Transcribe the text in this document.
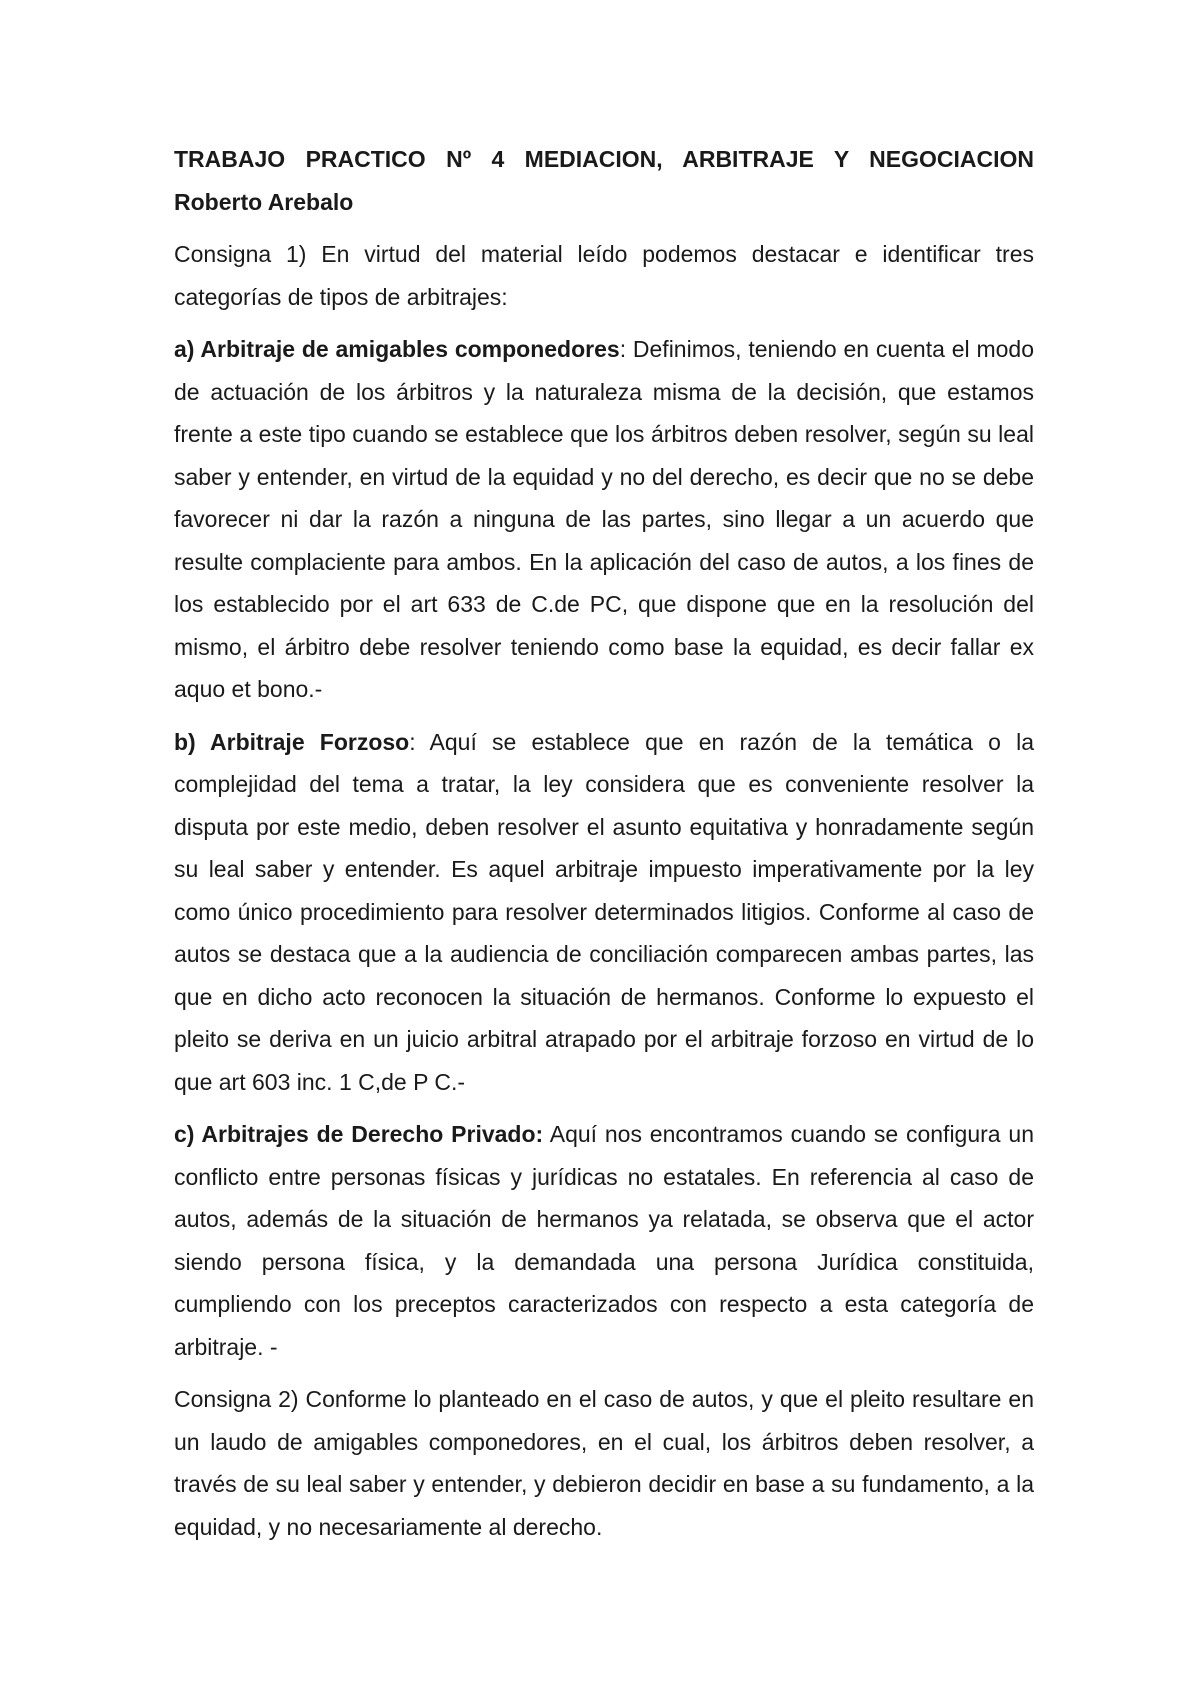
TRABAJO PRACTICO Nº 4 MEDIACION, ARBITRAJE Y NEGOCIACION
Roberto Arebalo

Consigna 1) En virtud del material leído podemos destacar e identificar tres categorías de tipos de arbitrajes:

a) Arbitraje de amigables componedores: Definimos, teniendo en cuenta el modo de actuación de los árbitros y la naturaleza misma de la decisión, que estamos frente a este tipo cuando se establece que los árbitros deben resolver, según su leal saber y entender, en virtud de la equidad y no del derecho, es decir que no se debe favorecer ni dar la razón a ninguna de las partes, sino llegar a un acuerdo que resulte complaciente para ambos. En la aplicación del caso de autos, a los fines de los establecido por el art 633 de C.de PC, que dispone que en la resolución del mismo, el árbitro debe resolver teniendo como base la equidad, es decir fallar ex aquo et bono.-

b) Arbitraje Forzoso: Aquí se establece que en razón de la temática o la complejidad del tema a tratar, la ley considera que es conveniente resolver la disputa por este medio, deben resolver el asunto equitativa y honradamente según su leal saber y entender. Es aquel arbitraje impuesto imperativamente por la ley como único procedimiento para resolver determinados litigios. Conforme al caso de autos se destaca que a la audiencia de conciliación comparecen ambas partes, las que en dicho acto reconocen la situación de hermanos. Conforme lo expuesto el pleito se deriva en un juicio arbitral atrapado por el arbitraje forzoso en virtud de lo que art 603 inc. 1 C,de P C.-

c) Arbitrajes de Derecho Privado: Aquí nos encontramos cuando se configura un conflicto entre personas físicas y jurídicas no estatales. En referencia al caso de autos, además de la situación de hermanos ya relatada, se observa que el actor siendo persona física, y la demandada una persona Jurídica constituida, cumpliendo con los preceptos caracterizados con respecto a esta categoría de arbitraje. -

Consigna 2) Conforme lo planteado en el caso de autos, y que el pleito resultare en un laudo de amigables componedores, en el cual, los árbitros deben resolver, a través de su leal saber y entender, y debieron decidir en base a su fundamento, a la equidad, y no necesariamente al derecho.
